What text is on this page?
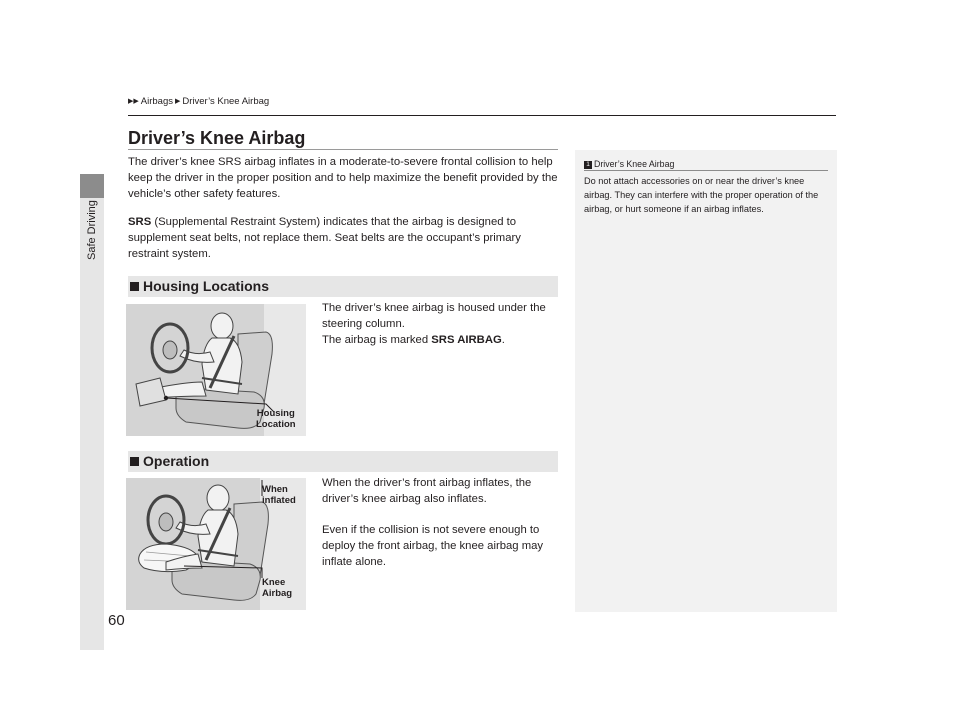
Safe Driving
60
▶▶ Airbags ▶ Driver’s Knee Airbag
Driver’s Knee Airbag

The driver’s knee SRS airbag inflates in a moderate-to-severe frontal collision to help keep the driver in the proper position and to help maximize the benefit provided by the vehicle’s other safety features.

SRS (Supplemental Restraint System) indicates that the airbag is designed to supplement seat belts, not replace them. Seat belts are the occupant’s primary restraint system.

Housing Locations
Housing
Location

The driver’s knee airbag is housed under the steering column.

The airbag is marked SRS AIRBAG.

Operation
When
inflated
Knee
Airbag

When the driver’s front airbag inflates, the driver’s knee airbag also inflates.

Even if the collision is not severe enough to deploy the front airbag, the knee airbag may inflate alone.

1 Driver’s Knee Airbag

Do not attach accessories on or near the driver’s knee airbag. They can interfere with the proper operation of the airbag, or hurt someone if an airbag inflates.
